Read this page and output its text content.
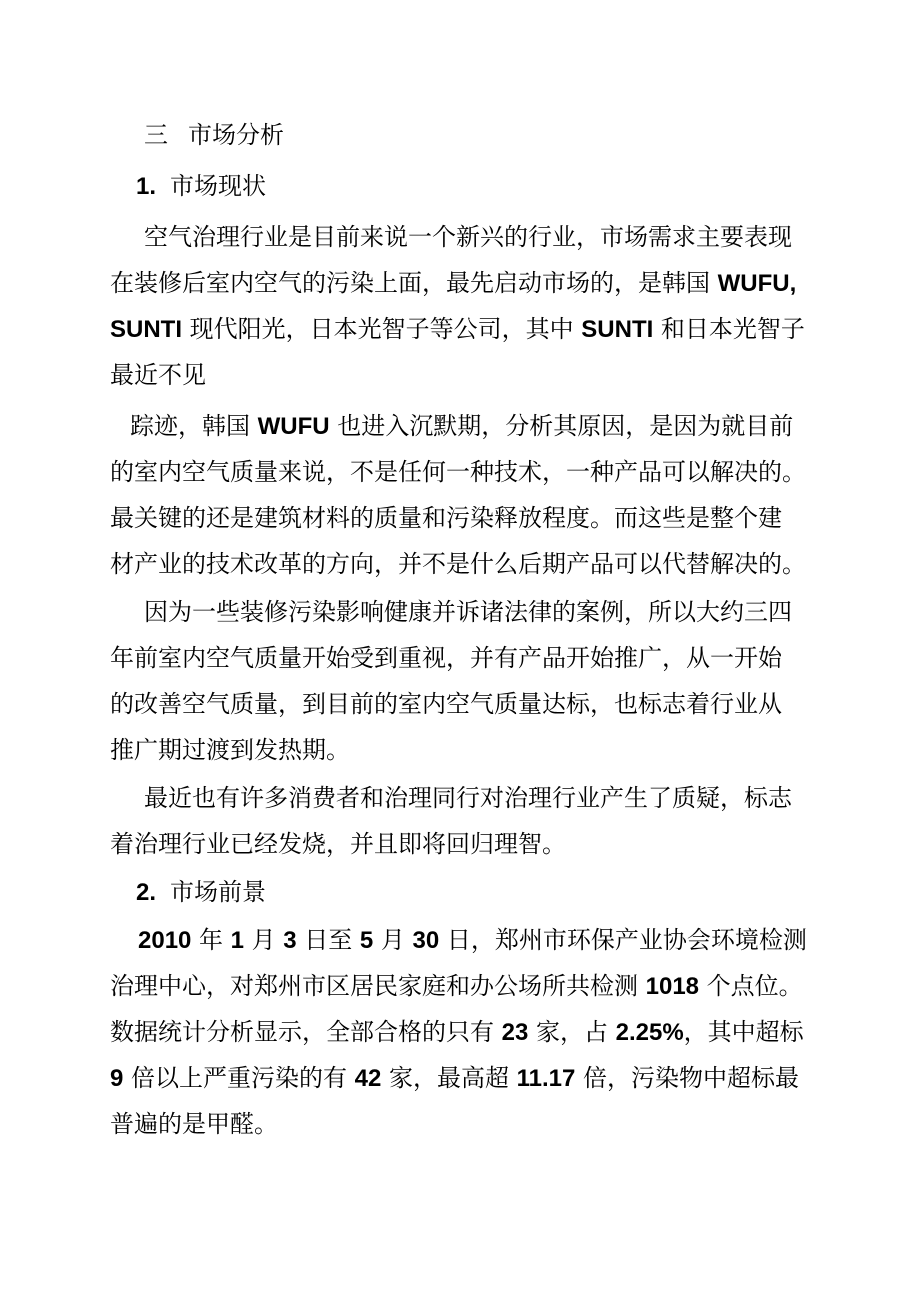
三 市场分析
1. 市场现状
空气治理行业是目前来说一个新兴的行业，市场需求主要表现
在装修后室内空气的污染上面，最先启动市场的，是韩国 WUFU,
SUNTI 现代阳光，日本光智子等公司，其中 SUNTI 和日本光智子
最近不见
踪迹，韩国 WUFU 也进入沉默期，分析其原因，是因为就目前
的室内空气质量来说，不是任何一种技术，一种产品可以解决的。
最关键的还是建筑材料的质量和污染释放程度。而这些是整个建
材产业的技术改革的方向，并不是什么后期产品可以代替解决的。
因为一些装修污染影响健康并诉诸法律的案例，所以大约三四
年前室内空气质量开始受到重视，并有产品开始推广，从一开始
的改善空气质量，到目前的室内空气质量达标，也标志着行业从
推广期过渡到发热期。
最近也有许多消费者和治理同行对治理行业产生了质疑，标志
着治理行业已经发烧，并且即将回归理智。
2. 市场前景
2010 年 1 月 3 日至 5 月 30 日，郑州市环保产业协会环境检测
治理中心，对郑州市区居民家庭和办公场所共检测 1018 个点位。
数据统计分析显示，全部合格的只有 23 家，占 2.25%，其中超标
9 倍以上严重污染的有 42 家，最高超 11.17 倍，污染物中超标最
普遍的是甲醛。
